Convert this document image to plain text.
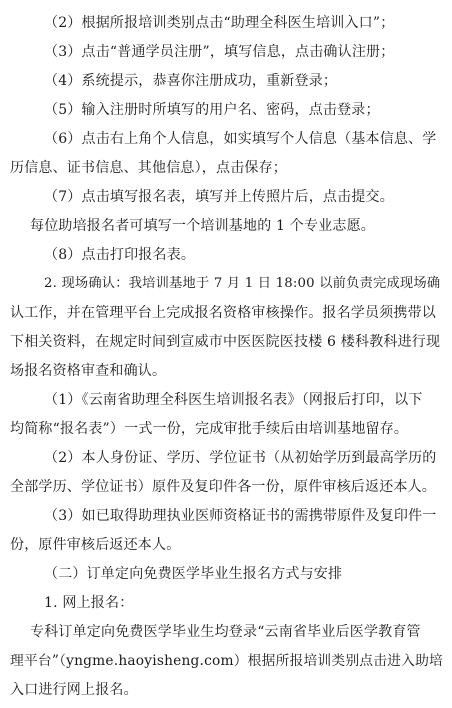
（2）根据所报培训类别点击“助理全科医生培训入口”；
（3）点击“普通学员注册”，填写信息，点击确认注册；
（4）系统提示，恭喜你注册成功，重新登录；
（5）输入注册时所填写的用户名、密码，点击登录；
（6）点击右上角个人信息，如实填写个人信息（基本信息、学
历信息、证书信息、其他信息），点击保存；
（7）点击填写报名表，填写并上传照片后，点击提交。
每位助培报名者可填写一个培训基地的 1 个专业志愿。
（8）点击打印报名表。
2. 现场确认：我培训基地于 7 月 1 日 18:00 以前负责完成现场确
认工作，并在管理平台上完成报名资格审核操作。报名学员须携带以
下相关资料，在规定时间到宣威市中医医院医技楼 6 楼科教科进行现
场报名资格审查和确认。
（1）《云南省助理全科医生培训报名表》（网报后打印，以下
均简称“报名表”）一式一份，完成审批手续后由培训基地留存。
（2）本人身份证、学历、学位证书（从初始学历到最高学历的
全部学历、学位证书）原件及复印件各一份，原件审核后返还本人。
（3）如已取得助理执业医师资格证书的需携带原件及复印件一
份，原件审核后返还本人。
（二）订单定向免费医学毕业生报名方式与安排
1. 网上报名：
专科订单定向免费医学毕业生均登录“云南省毕业后医学教育管
理平台”（yngme.haoyisheng.com）根据所报培训类别点击进入助培
入口进行网上报名。
